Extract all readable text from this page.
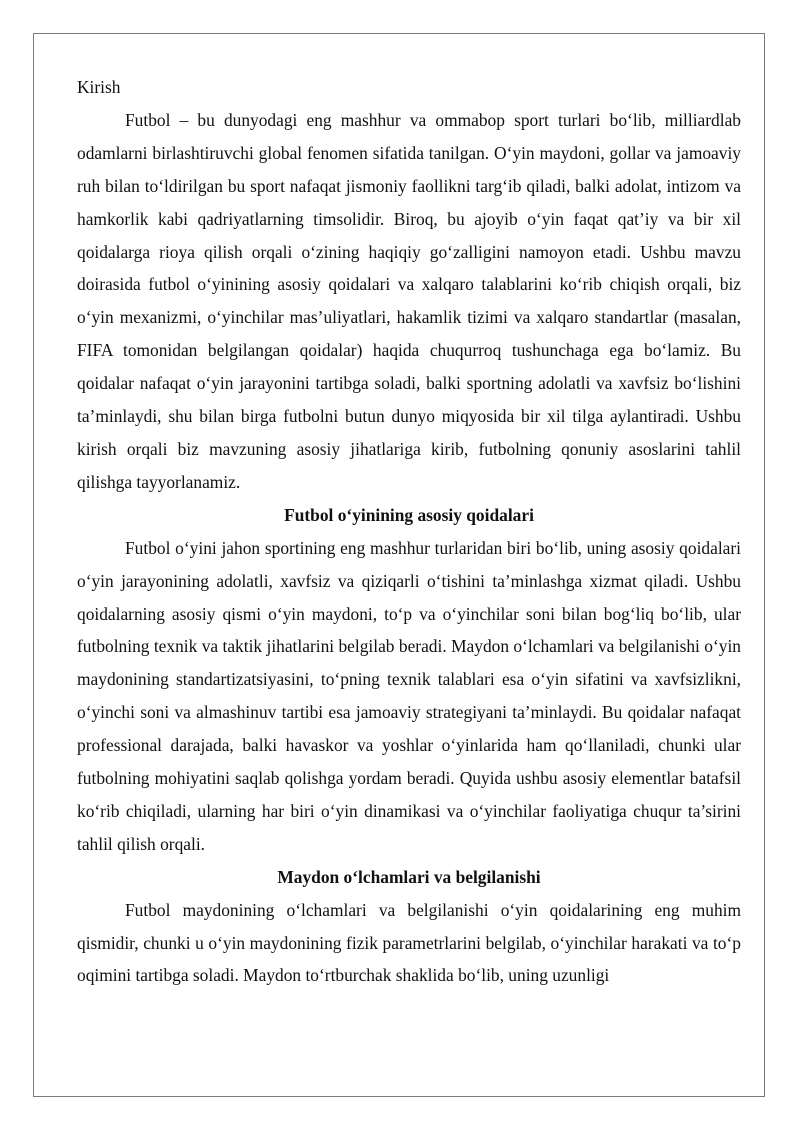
Kirish

Futbol – bu dunyodagi eng mashhur va ommabop sport turlari bo‘lib, milliardlab odamlarni birlashtiruvchi global fenomen sifatida tanilgan. O‘yin maydoni, gollar va jamoaviy ruh bilan to‘ldirilgan bu sport nafaqat jismoniy faollikni targ‘ib qiladi, balki adolat, intizom va hamkorlik kabi qadriyatlarning timsolidir. Biroq, bu ajoyib o‘yin faqat qat’iy va bir xil qoidalarga rioya qilish orqali o‘zining haqiqiy go‘zalligini namoyon etadi. Ushbu mavzu doirasida futbol o‘yinining asosiy qoidalari va xalqaro talablarini ko‘rib chiqish orqali, biz o‘yin mexanizmi, o‘yinchilar mas’uliyatlari, hakamlik tizimi va xalqaro standartlar (masalan, FIFA tomonidan belgilangan qoidalar) haqida chuqurroq tushunchaga ega bo‘lamiz. Bu qoidalar nafaqat o‘yin jarayonini tartibga soladi, balki sportning adolatli va xavfsiz bo‘lishini ta’minlaydi, shu bilan birga futbolni butun dunyo miqyosida bir xil tilga aylantiradi. Ushbu kirish orqali biz mavzuning asosiy jihatlariga kirib, futbolning qonuniy asoslarini tahlil qilishga tayyorlanamiz.

Futbol o‘yinining asosiy qoidalari

Futbol o‘yini jahon sportining eng mashhur turlaridan biri bo‘lib, uning asosiy qoidalari o‘yin jarayonining adolatli, xavfsiz va qiziqarli o‘tishini ta’minlashga xizmat qiladi. Ushbu qoidalarning asosiy qismi o‘yin maydoni, to‘p va o‘yinchilar soni bilan bog‘liq bo‘lib, ular futbolning texnik va taktik jihatlarini belgilab beradi. Maydon o‘lchamlari va belgilanishi o‘yin maydonining standartizatsiyasini, to‘pning texnik talablari esa o‘yin sifatini va xavfsizlikni, o‘yinchi soni va almashinuv tartibi esa jamoaviy strategiyani ta’minlaydi. Bu qoidalar nafaqat professional darajada, balki havaskor va yoshlar o‘yinlarida ham qo‘llaniladi, chunki ular futbolning mohiyatini saqlab qolishga yordam beradi. Quyida ushbu asosiy elementlar batafsil ko‘rib chiqiladi, ularning har biri o‘yin dinamikasi va o‘yinchilar faoliyatiga chuqur ta’sirini tahlil qilish orqali.

Maydon o‘lchamlari va belgilanishi

Futbol maydonining o‘lchamlari va belgilanishi o‘yin qoidalarining eng muhim qismidir, chunki u o‘yin maydonining fizik parametrlarini belgilab, o‘yinchilar harakati va to‘p oqimini tartibga soladi. Maydon to‘rtburchak shaklida bo‘lib, uning uzunligi
